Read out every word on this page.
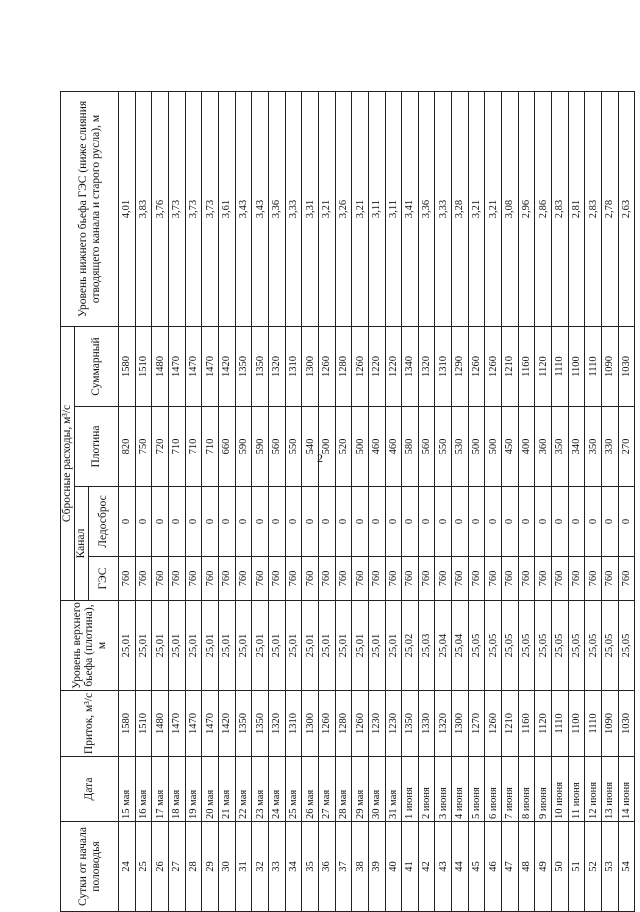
2
Сутки от начала половодья	Дата	Приток, м³/с	Уровень верхнего бьефа (плотина), м	Сбросные расходы, м³/с				Уровень нижнего бьефа ГЭС (ниже слияния отводящего канала и старого русла), м
				Канал		Плотина	Суммарный	
				ГЭС	Ледосброс			
24	15 мая	1580	25,01	760	0	820	1580	4,01
25	16 мая	1510	25,01	760	0	750	1510	3,83
26	17 мая	1480	25,01	760	0	720	1480	3,76
27	18 мая	1470	25,01	760	0	710	1470	3,73
28	19 мая	1470	25,01	760	0	710	1470	3,73
29	20 мая	1470	25,01	760	0	710	1470	3,73
30	21 мая	1420	25,01	760	0	660	1420	3,61
31	22 мая	1350	25,01	760	0	590	1350	3,43
32	23 мая	1350	25,01	760	0	590	1350	3,43
33	24 мая	1320	25,01	760	0	560	1320	3,36
34	25 мая	1310	25,01	760	0	550	1310	3,33
35	26 мая	1300	25,01	760	0	540	1300	3,31
36	27 мая	1260	25,01	760	0	500	1260	3,21
37	28 мая	1280	25,01	760	0	520	1280	3,26
38	29 мая	1260	25,01	760	0	500	1260	3,21
39	30 мая	1230	25,01	760	0	460	1220	3,11
40	31 мая	1230	25,01	760	0	460	1220	3,11
41	1 июня	1350	25,02	760	0	580	1340	3,41
42	2 июня	1330	25,03	760	0	560	1320	3,36
43	3 июня	1320	25,04	760	0	550	1310	3,33
44	4 июня	1300	25,04	760	0	530	1290	3,28
45	5 июня	1270	25,05	760	0	500	1260	3,21
46	6 июня	1260	25,05	760	0	500	1260	3,21
47	7 июня	1210	25,05	760	0	450	1210	3,08
48	8 июня	1160	25,05	760	0	400	1160	2,96
49	9 июня	1120	25,05	760	0	360	1120	2,86
50	10 июня	1110	25,05	760	0	350	1110	2,83
51	11 июня	1100	25,05	760	0	340	1100	2,81
52	12 июня	1110	25,05	760	0	350	1110	2,83
53	13 июня	1090	25,05	760	0	330	1090	2,78
54	14 июня	1030	25,05	760	0	270	1030	2,63
